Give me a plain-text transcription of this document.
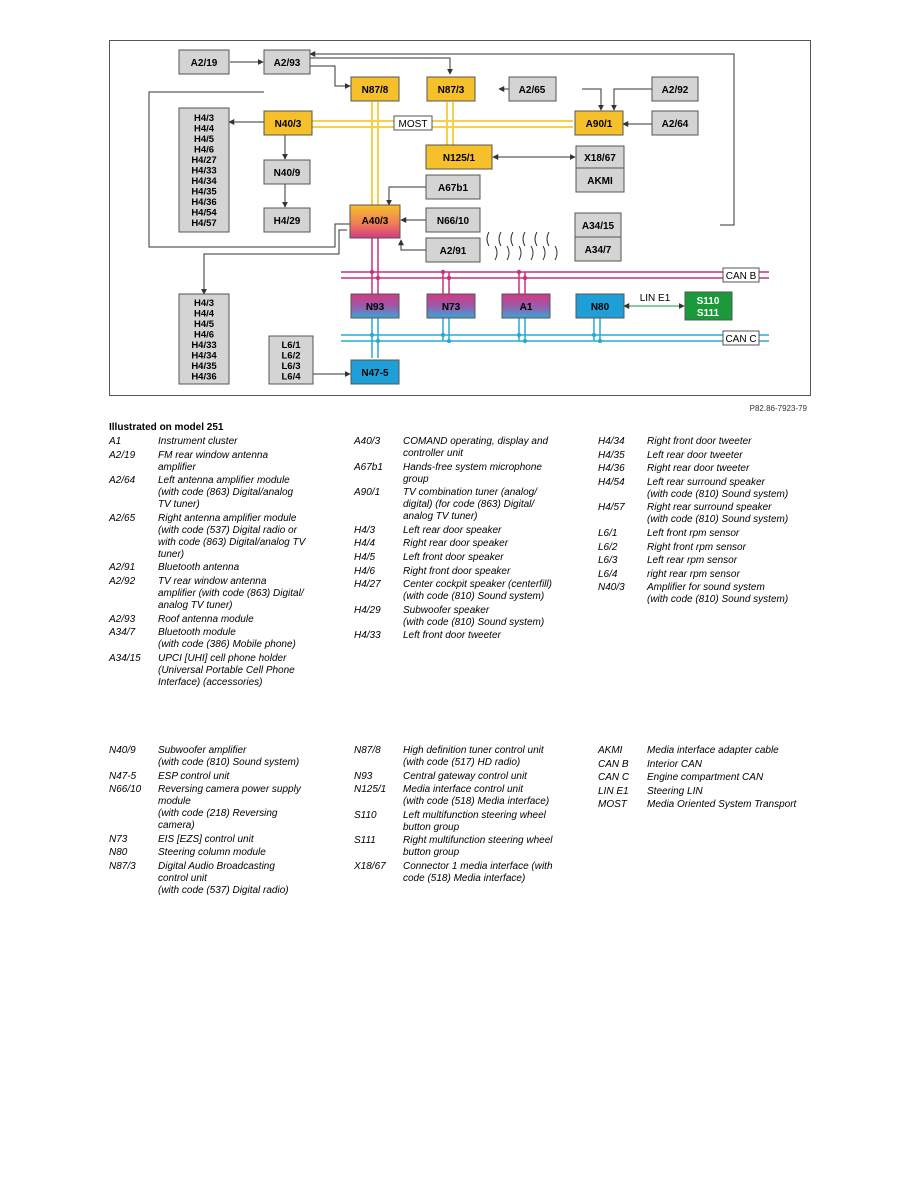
A2/19	A2/93
N87/8	N87/3	A2/65	A2/92
N40/3	MOST	A90/1	A2/64
N125/1	X18/67
AKMI
N40/9
A67b1
H4/29	A40/3	N66/10	A34/15
A34/7
A2/91
N93	N73	A1	N80
S110
S111
N47-5
H4/3 H4/4 H4/5 H4/6 H4/27 H4/33 H4/34 H4/35 H4/36 H4/54 H4/57
H4/3 H4/4 H4/5 H4/6 H4/33 H4/34 H4/35 H4/36
L6/1 L6/2 L6/3 L6/4
CAN B
CAN C
LIN E1
P82.86-7923-79
Illustrated on model 251
A1	Instrument cluster
A2/19	FM rear window antenna
amplifier
A2/64	Left antenna amplifier module
(with code (863) Digital/analog
TV tuner)
A2/65	Right antenna amplifier module
(with code (537) Digital radio or
with code (863) Digital/analog TV
tuner)
A2/91	Bluetooth antenna
A2/92	TV rear window antenna
amplifier (with code (863) Digital/
analog TV tuner)
A2/93	Roof antenna module
A34/7	Bluetooth module
(with code (386) Mobile phone)
A34/15	UPCI [UHI] cell phone holder
(Universal Portable Cell Phone
Interface) (accessories)
A40/3	COMAND operating, display and
controller unit
A67b1	Hands-free system microphone
group
A90/1	TV combination tuner (analog/
digital) (for code (863) Digital/
analog TV tuner)
H4/3	Left rear door speaker
H4/4	Right rear door speaker
H4/5	Left front door speaker
H4/6	Right front door speaker
H4/27	Center cockpit speaker (centerfill)
(with code (810) Sound system)
H4/29	Subwoofer speaker
(with code (810) Sound system)
H4/33	Left front door tweeter
H4/34	Right front door tweeter
H4/35	Left rear door tweeter
H4/36	Right rear door tweeter
H4/54	Left rear surround speaker
(with code (810) Sound system)
H4/57	Right rear surround speaker
(with code (810) Sound system)
L6/1	Left front rpm sensor
L6/2	Right front rpm sensor
L6/3	Left rear rpm sensor
L6/4	right rear rpm sensor
N40/3	Amplifier for sound system
(with code (810) Sound system)
N40/9	Subwoofer amplifier
(with code (810) Sound system)
N47-5	ESP control unit
N66/10	Reversing camera power supply
module
(with code (218) Reversing
camera)
N73	EIS [EZS] control unit
N80	Steering column module
N87/3	Digital Audio Broadcasting
control unit
(with code (537) Digital radio)
N87/8	High definition tuner control unit
(with code (517) HD radio)
N93	Central gateway control unit
N125/1	Media interface control unit
(with code (518) Media interface)
S110	Left multifunction steering wheel
button group
S111	Right multifunction steering wheel
button group
X18/67	Connector 1 media interface (with
code (518) Media interface)
AKMI	Media interface adapter cable

CAN B	Interior CAN
CAN C	Engine compartment CAN

LIN E1	Steering LIN

MOST	Media Oriented System Transport
